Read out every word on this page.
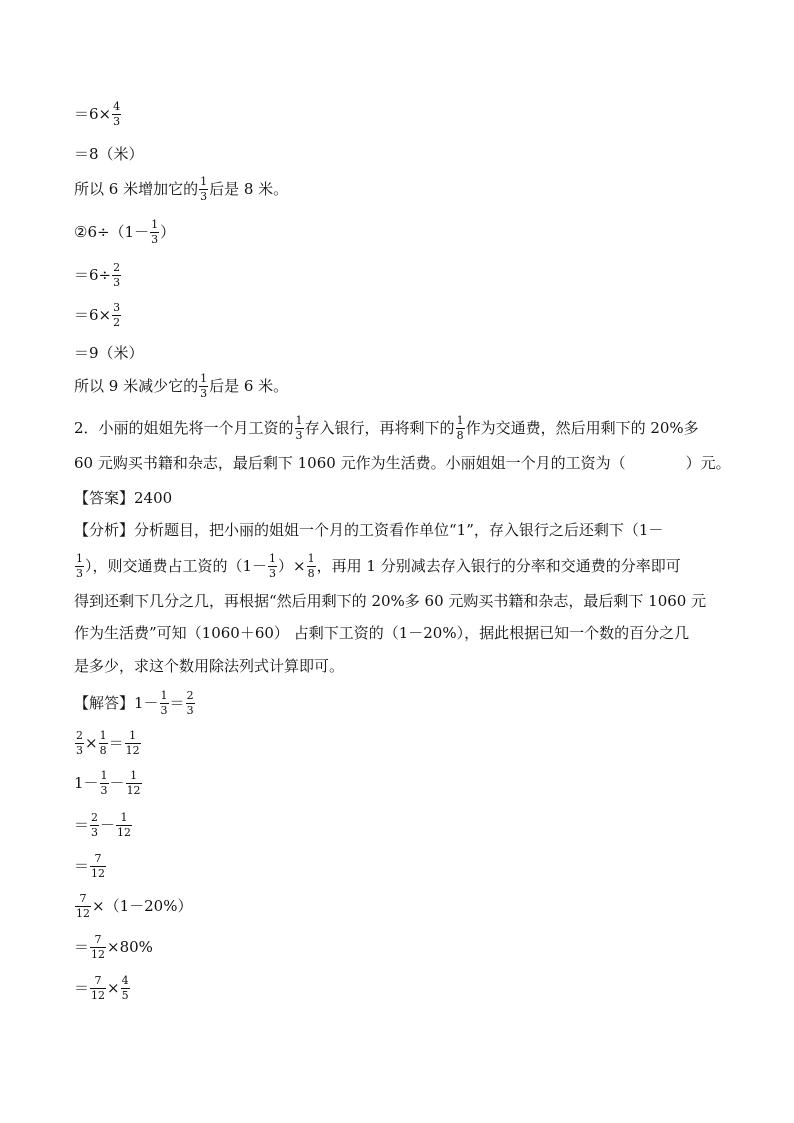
$=6\times \frac{4}{3}$
＝8（米）
所以 6 米增加它的 $\frac{1}{3}$ 后是 8 米。
②6÷（1－ $\frac{1}{3}$ ）
$=6\div \frac{2}{3}$
$=6\times \frac{3}{2}$
＝9（米）
所以 9 米减少它的 $\frac{1}{3}$ 后是 6 米。
2．小丽的姐姐先将一个月工资的 $\frac{1}{3}$ 存入银行，再将剩下的 $\frac{1}{8}$ 作为交通费，然后用剩下的 20%多
60 元购买书籍和杂志，最后剩下 1060 元作为生活费。小丽姐姐一个月的工资为（　　　　）元。
【答案】2400
【分析】分析题目，把小丽的姐姐一个月的工资看作单位“1”，存入银行之后还剩下（1－
$\frac{1}{3}$ ），则交通费占工资的（$1- \frac{1}{3}$ ）× $\frac{1}{8}$ ，再用 1 分别减去存入银行的分率和交通费的分率即可
得到还剩下几分之几，再根据“然后用剩下的 20%多 60 元购买书籍和杂志，最后剩下 1060 元
作为生活费”可知（1060＋60） 占剩下工资的（1－20%），据此根据已知一个数的百分之几
是多少，求这个数用除法列式计算即可。
【解答】$1- \frac{1}{3} = \frac{2}{3}$
$\frac{2}{3} \times \frac{1}{8} = \frac{1}{12}$
$1- \frac{1}{3} - \frac{1}{12}$
＝ $\frac{2}{3} - \frac{1}{12}$
＝ $\frac{7}{12}$
$\frac{7}{12} \times(1-20\%)$
＝ $\frac{7}{12} \times 80\%$
＝ $\frac{7}{12} \times \frac{4}{5}$
